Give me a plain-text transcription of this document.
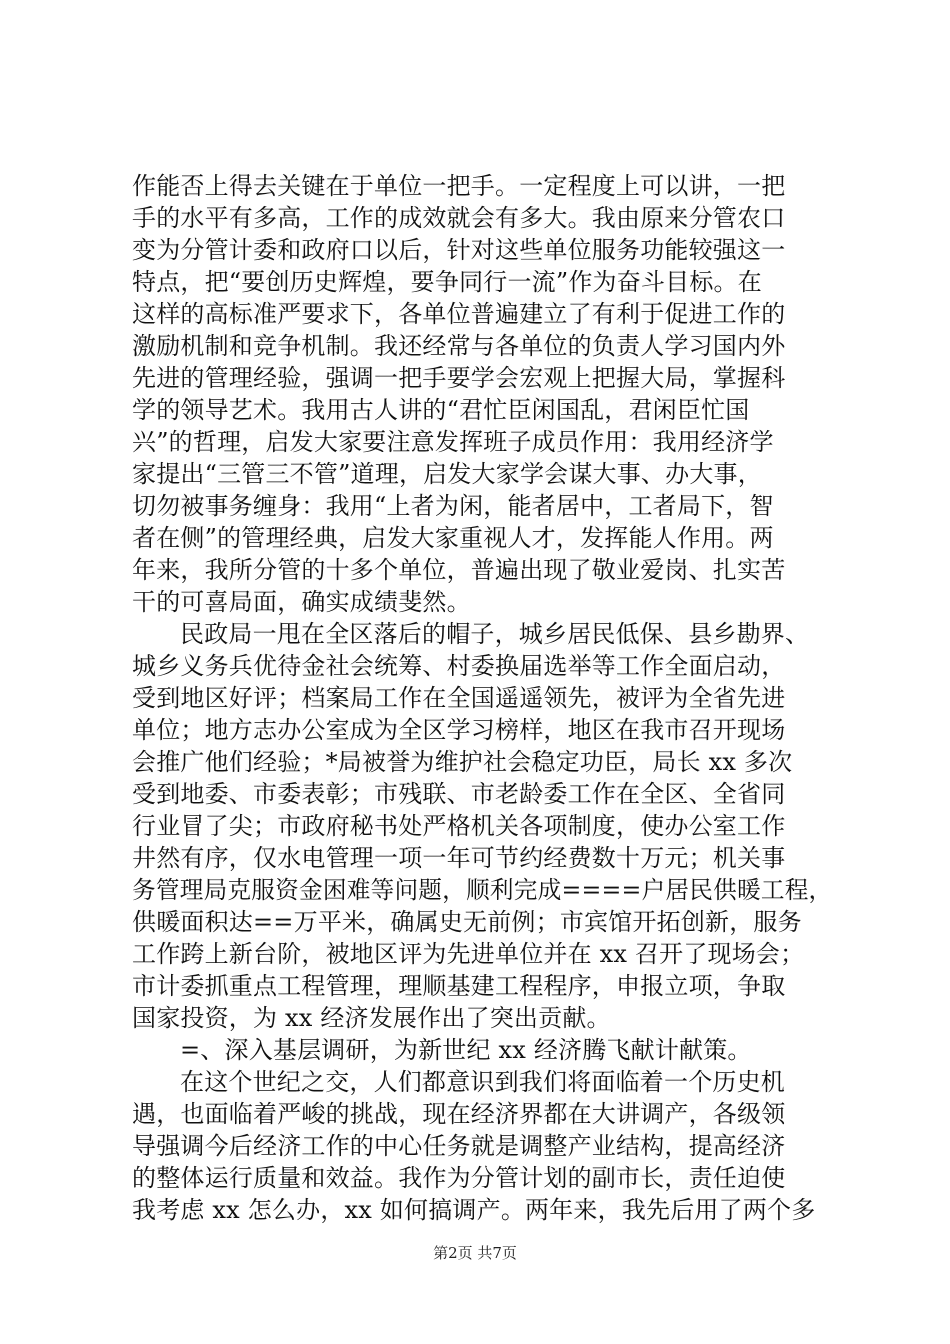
作能否上得去关键在于单位一把手。一定程度上可以讲，一把
手的水平有多高，工作的成效就会有多大。我由原来分管农口
变为分管计委和政府口以后，针对这些单位服务功能较强这一
特点，把“要创历史辉煌，要争同行一流”作为奋斗目标。在
这样的高标准严要求下，各单位普遍建立了有利于促进工作的
激励机制和竞争机制。我还经常与各单位的负责人学习国内外
先进的管理经验，强调一把手要学会宏观上把握大局，掌握科
学的领导艺术。我用古人讲的“君忙臣闲国乱，君闲臣忙国
兴”的哲理，启发大家要注意发挥班子成员作用：我用经济学
家提出“三管三不管”道理，启发大家学会谋大事、办大事，
切勿被事务缠身：我用“上者为闲，能者居中，工者局下，智
者在侧”的管理经典，启发大家重视人才，发挥能人作用。两
年来，我所分管的十多个单位，普遍出现了敬业爱岗、扎实苦
干的可喜局面，确实成绩斐然。
民政局一甩在全区落后的帽子，城乡居民低保、县乡勘界、
城乡义务兵优待金社会统筹、村委换届选举等工作全面启动，
受到地区好评；档案局工作在全国遥遥领先，被评为全省先进
单位；地方志办公室成为全区学习榜样，地区在我市召开现场
会推广他们经验；*局被誉为维护社会稳定功臣，局长 xx 多次
受到地委、市委表彰；市残联、市老龄委工作在全区、全省同
行业冒了尖；市政府秘书处严格机关各项制度，使办公室工作
井然有序，仅水电管理一项一年可节约经费数十万元；机关事
务管理局克服资金困难等问题，顺利完成====户居民供暖工程，
供暖面积达==万平米，确属史无前例；市宾馆开拓创新，服务
工作跨上新台阶，被地区评为先进单位并在 xx 召开了现场会；
市计委抓重点工程管理，理顺基建工程程序，申报立项，争取
国家投资，为 xx 经济发展作出了突出贡献。
=、深入基层调研，为新世纪 xx 经济腾飞献计献策。
在这个世纪之交，人们都意识到我们将面临着一个历史机
遇，也面临着严峻的挑战，现在经济界都在大讲调产，各级领
导强调今后经济工作的中心任务就是调整产业结构，提高经济
的整体运行质量和效益。我作为分管计划的副市长，责任迫使
我考虑 xx 怎么办，xx 如何搞调产。两年来，我先后用了两个多
第2页 共7页
